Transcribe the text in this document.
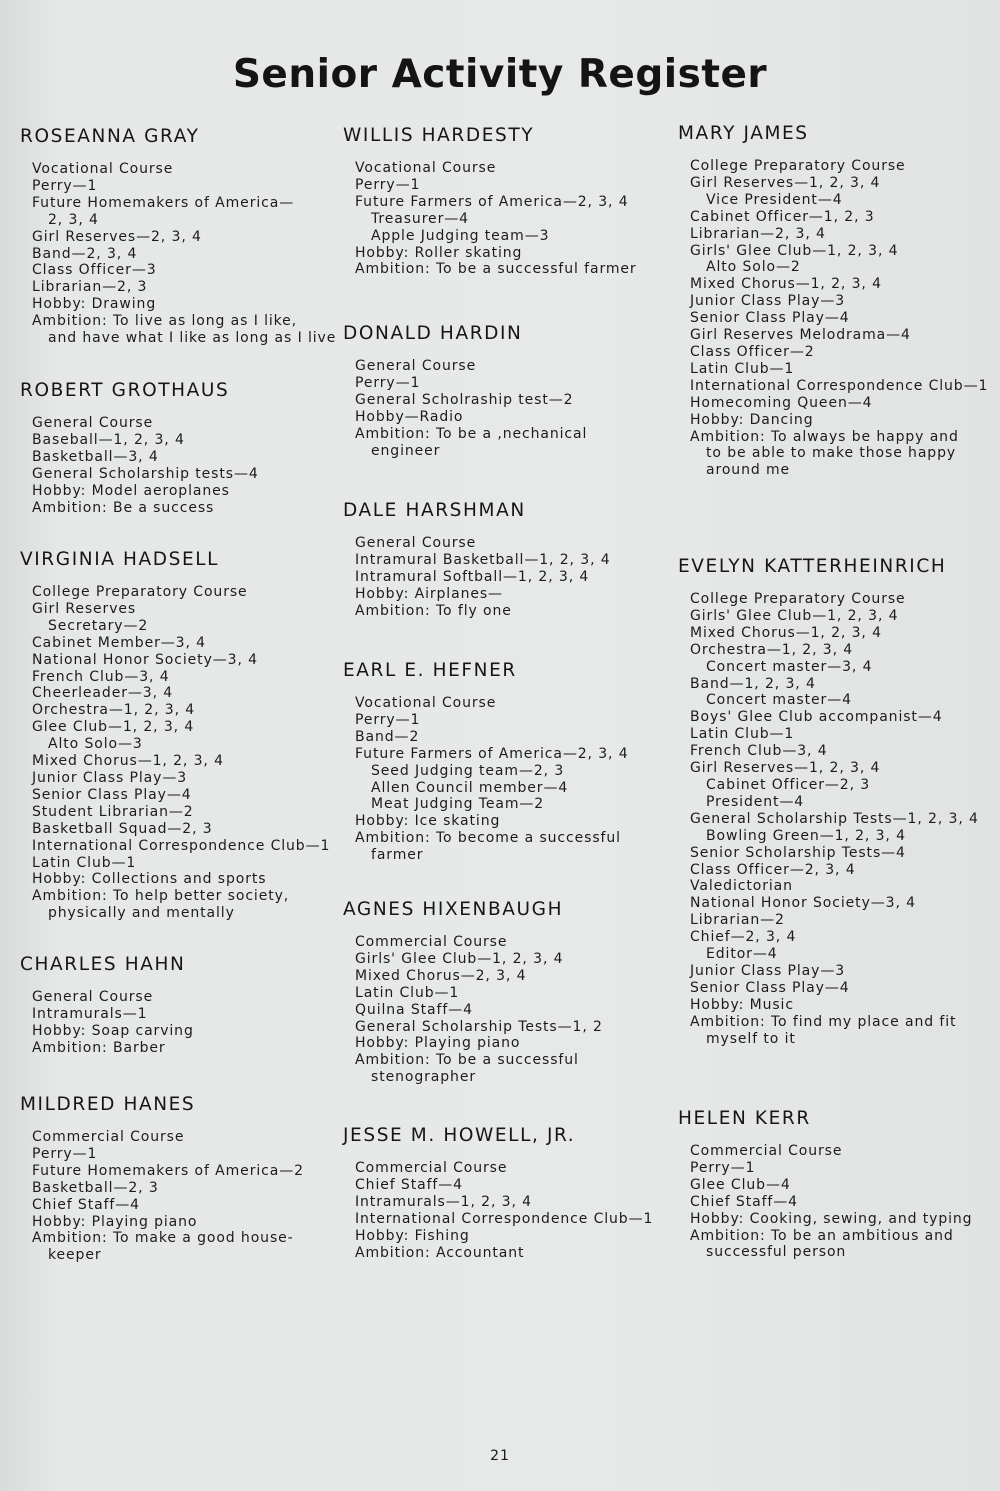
Senior Activity Register
ROSEANNA GRAY
Vocational Course
Perry—1
Future Homemakers of America—
2, 3, 4
Girl Reserves—2, 3, 4
Band—2, 3, 4
Class Officer—3
Librarian—2, 3
Hobby: Drawing
Ambition: To live as long as I like,
and have what I like as long as I live
ROBERT GROTHAUS
General Course
Baseball—1, 2, 3, 4
Basketball—3, 4
General Scholarship tests—4
Hobby: Model aeroplanes
Ambition: Be a success
VIRGINIA HADSELL
College Preparatory Course
Girl Reserves
Secretary—2
Cabinet Member—3, 4
National Honor Society—3, 4
French Club—3, 4
Cheerleader—3, 4
Orchestra—1, 2, 3, 4
Glee Club—1, 2, 3, 4
Alto Solo—3
Mixed Chorus—1, 2, 3, 4
Junior Class Play—3
Senior Class Play—4
Student Librarian—2
Basketball Squad—2, 3
International Correspondence Club—1
Latin Club—1
Hobby: Collections and sports
Ambition: To help better society,
physically and mentally
CHARLES HAHN
General Course
Intramurals—1
Hobby: Soap carving
Ambition: Barber
MILDRED HANES
Commercial Course
Perry—1
Future Homemakers of America—2
Basketball—2, 3
Chief Staff—4
Hobby: Playing piano
Ambition: To make a good house-
keeper
WILLIS HARDESTY
Vocational Course
Perry—1
Future Farmers of America—2, 3, 4
Treasurer—4
Apple Judging team—3
Hobby: Roller skating
Ambition: To be a successful farmer
DONALD HARDIN
General Course
Perry—1
General Scholraship test—2
Hobby—Radio
Ambition: To be a ,nechanical
engineer
DALE HARSHMAN
General Course
Intramural Basketball—1, 2, 3, 4
Intramural Softball—1, 2, 3, 4
Hobby: Airplanes—
Ambition: To fly one
EARL E. HEFNER
Vocational Course
Perry—1
Band—2
Future Farmers of America—2, 3, 4
Seed Judging team—2, 3
Allen Council member—4
Meat Judging Team—2
Hobby: Ice skating
Ambition: To become a successful
farmer
AGNES HIXENBAUGH
Commercial Course
Girls' Glee Club—1, 2, 3, 4
Mixed Chorus—2, 3, 4
Latin Club—1
Quilna Staff—4
General Scholarship Tests—1, 2
Hobby: Playing piano
Ambition: To be a successful
stenographer
JESSE M. HOWELL, JR.
Commercial Course
Chief Staff—4
Intramurals—1, 2, 3, 4
International Correspondence Club—1
Hobby: Fishing
Ambition: Accountant
MARY JAMES
College Preparatory Course
Girl Reserves—1, 2, 3, 4
Vice President—4
Cabinet Officer—1, 2, 3
Librarian—2, 3, 4
Girls' Glee Club—1, 2, 3, 4
Alto Solo—2
Mixed Chorus—1, 2, 3, 4
Junior Class Play—3
Senior Class Play—4
Girl Reserves Melodrama—4
Class Officer—2
Latin Club—1
International Correspondence Club—1
Homecoming Queen—4
Hobby: Dancing
Ambition: To always be happy and
to be able to make those happy
around me
EVELYN KATTERHEINRICH
College Preparatory Course
Girls' Glee Club—1, 2, 3, 4
Mixed Chorus—1, 2, 3, 4
Orchestra—1, 2, 3, 4
Concert master—3, 4
Band—1, 2, 3, 4
Concert master—4
Boys' Glee Club accompanist—4
Latin Club—1
French Club—3, 4
Girl Reserves—1, 2, 3, 4
Cabinet Officer—2, 3
President—4
General Scholarship Tests—1, 2, 3, 4
Bowling Green—1, 2, 3, 4
Senior Scholarship Tests—4
Class Officer—2, 3, 4
Valedictorian
National Honor Society—3, 4
Librarian—2
Chief—2, 3, 4
Editor—4
Junior Class Play—3
Senior Class Play—4
Hobby: Music
Ambition: To find my place and fit
myself to it
HELEN KERR
Commercial Course
Perry—1
Glee Club—4
Chief Staff—4
Hobby: Cooking, sewing, and typing
Ambition: To be an ambitious and
successful person
21
